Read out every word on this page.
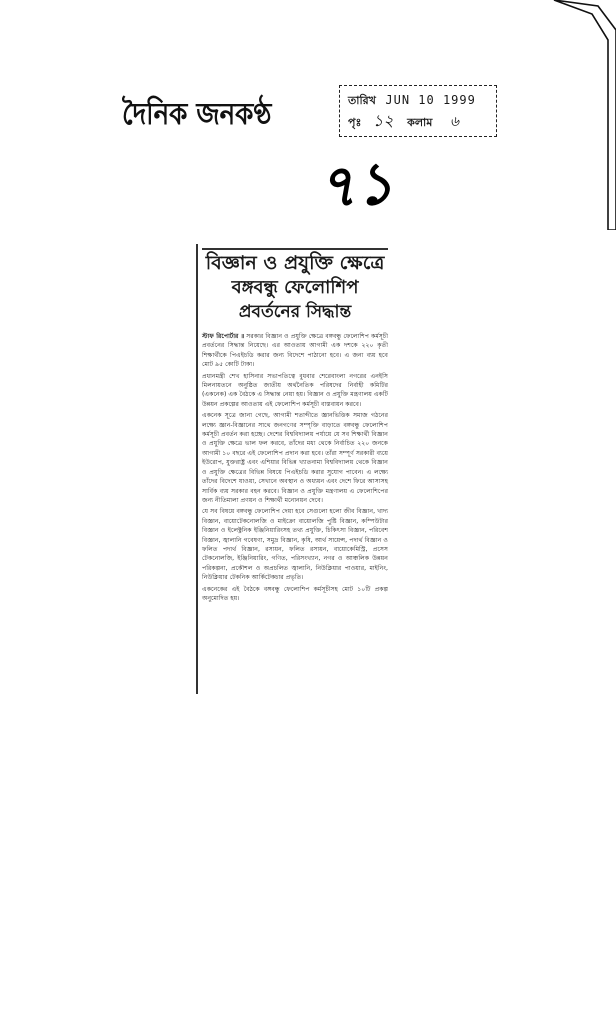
দৈনিক জনকণ্ঠ	তারিখ JUN 10 1999
পৃঃ ১২ কলাম ৬
৭১
বিজ্ঞান ও প্রযুক্তি ক্ষেত্রে
বঙ্গবন্ধু ফেলোশিপ
প্রবর্তনের সিদ্ধান্ত

স্টাফ রিপোর্টার ॥ সরকার বিজ্ঞান ও প্রযুক্তি ক্ষেত্রে বঙ্গবন্ধু ফেলোশিপ কর্মসূচী প্রবর্তনের সিদ্ধান্ত নিয়েছে। এর আওতায় আগামী এক দশকে ২২০ কৃতী শিক্ষার্থীকে পিএইচডি করার জন্য বিদেশে পাঠানো হবে। এ জন্য ব্যয় হবে মোট ৯৫ কোটি টাকা।

প্রধানমন্ত্রী শেখ হাসিনার সভাপতিত্বে বুধবার শেরেবাংলা নগরের এনইসি মিলনায়তনে অনুষ্ঠিত জাতীয় অর্থনৈতিক পরিষদের নির্বাহী কমিটির (একনেক) এক বৈঠকে এ সিদ্ধান্ত নেয়া হয়। বিজ্ঞান ও প্রযুক্তি মন্ত্রণালয় একটি উন্নয়ন প্রকল্পের আওতায় এই ফেলোশিপ কর্মসূচী বাস্তবায়ন করবে।

একনেক সূত্রে জানা গেছে, আগামী শতাব্দীতে জ্ঞানভিত্তিক সমাজ গঠনের লক্ষ্যে জ্ঞান-বিজ্ঞানের সাথে জনগণের সম্পৃক্তি বাড়াতে বঙ্গবন্ধু ফেলোশিপ কর্মসূচী প্রবর্তন করা হচ্ছে। দেশের বিশ্ববিদ্যালয় পর্যায়ে যে সব শিক্ষার্থী বিজ্ঞান ও প্রযুক্তি ক্ষেত্রে ভাল ফল করবে, তাঁদের মধ্য থেকে নির্বাচিত ২২০ জনকে আগামী ১০ বছরে এই ফেলোশিপ প্রদান করা হবে। তাঁরা সম্পূর্ণ সরকারী ব্যয়ে ইউরোপ, যুক্তরাষ্ট্র এবং এশিয়ার বিভিন্ন খ্যাতনামা বিশ্ববিদ্যালয় থেকে বিজ্ঞান ও প্রযুক্তি ক্ষেত্রের বিভিন্ন বিষয়ে পিএইচডি করার সুযোগ পাবেন। এ লক্ষ্যে তাঁদের বিদেশে যাওয়া, সেখানে অবস্থান ও অধ্যয়ন এবং দেশে ফিরে আসাসহ সার্বিক ব্যয় সরকার বহন করবে। বিজ্ঞান ও প্রযুক্তি মন্ত্রণালয় এ ফেলোশিপের জন্য নীতিমালা প্রণয়ন ও শিক্ষার্থী মনোনয়ন দেবে।

যে সব বিষয়ে বঙ্গবন্ধু ফেলোশিপ দেয়া হবে সেগুলো হলো জীব বিজ্ঞান, খাদ্য বিজ্ঞান, বায়োটেকনোলজি ও মাইক্রো বায়োলজি পুষ্টি বিজ্ঞান, কম্পিউটার বিজ্ঞান ও ইলেক্ট্রনিক ইঞ্জিনিয়ারিংসহ তথ্য প্রযুক্তি, চিকিৎসা বিজ্ঞান, পরিবেশ বিজ্ঞান, জ্বালানি গবেষণা, সমুদ্র বিজ্ঞান, কৃষি, আর্থ সায়েন্স, পদার্থ বিজ্ঞান ও ফলিত পদার্থ বিজ্ঞান, রসায়ন, ফলিত রসায়ন, বায়োকেমিস্ট্রি, প্রসেস টেকনোলজি, ইঞ্জিনিয়ারিং, গণিত, পরিসংখ্যান, নগর ও আঞ্চলিক উন্নয়ন পরিকল্পনা, প্রকৌশল ও অপ্রচলিত জ্বালানি, নিউক্লিয়ার পাওয়ার, মাইনিং, নিউক্লিয়ার টেকনিক আর্কিটেকচার প্রভৃতি।

একনেকের এই বৈঠকে বঙ্গবন্ধু ফেলোশিপ কর্মসূচীসহ মোট ১০টি প্রকল্প অনুমোদিত হয়।
